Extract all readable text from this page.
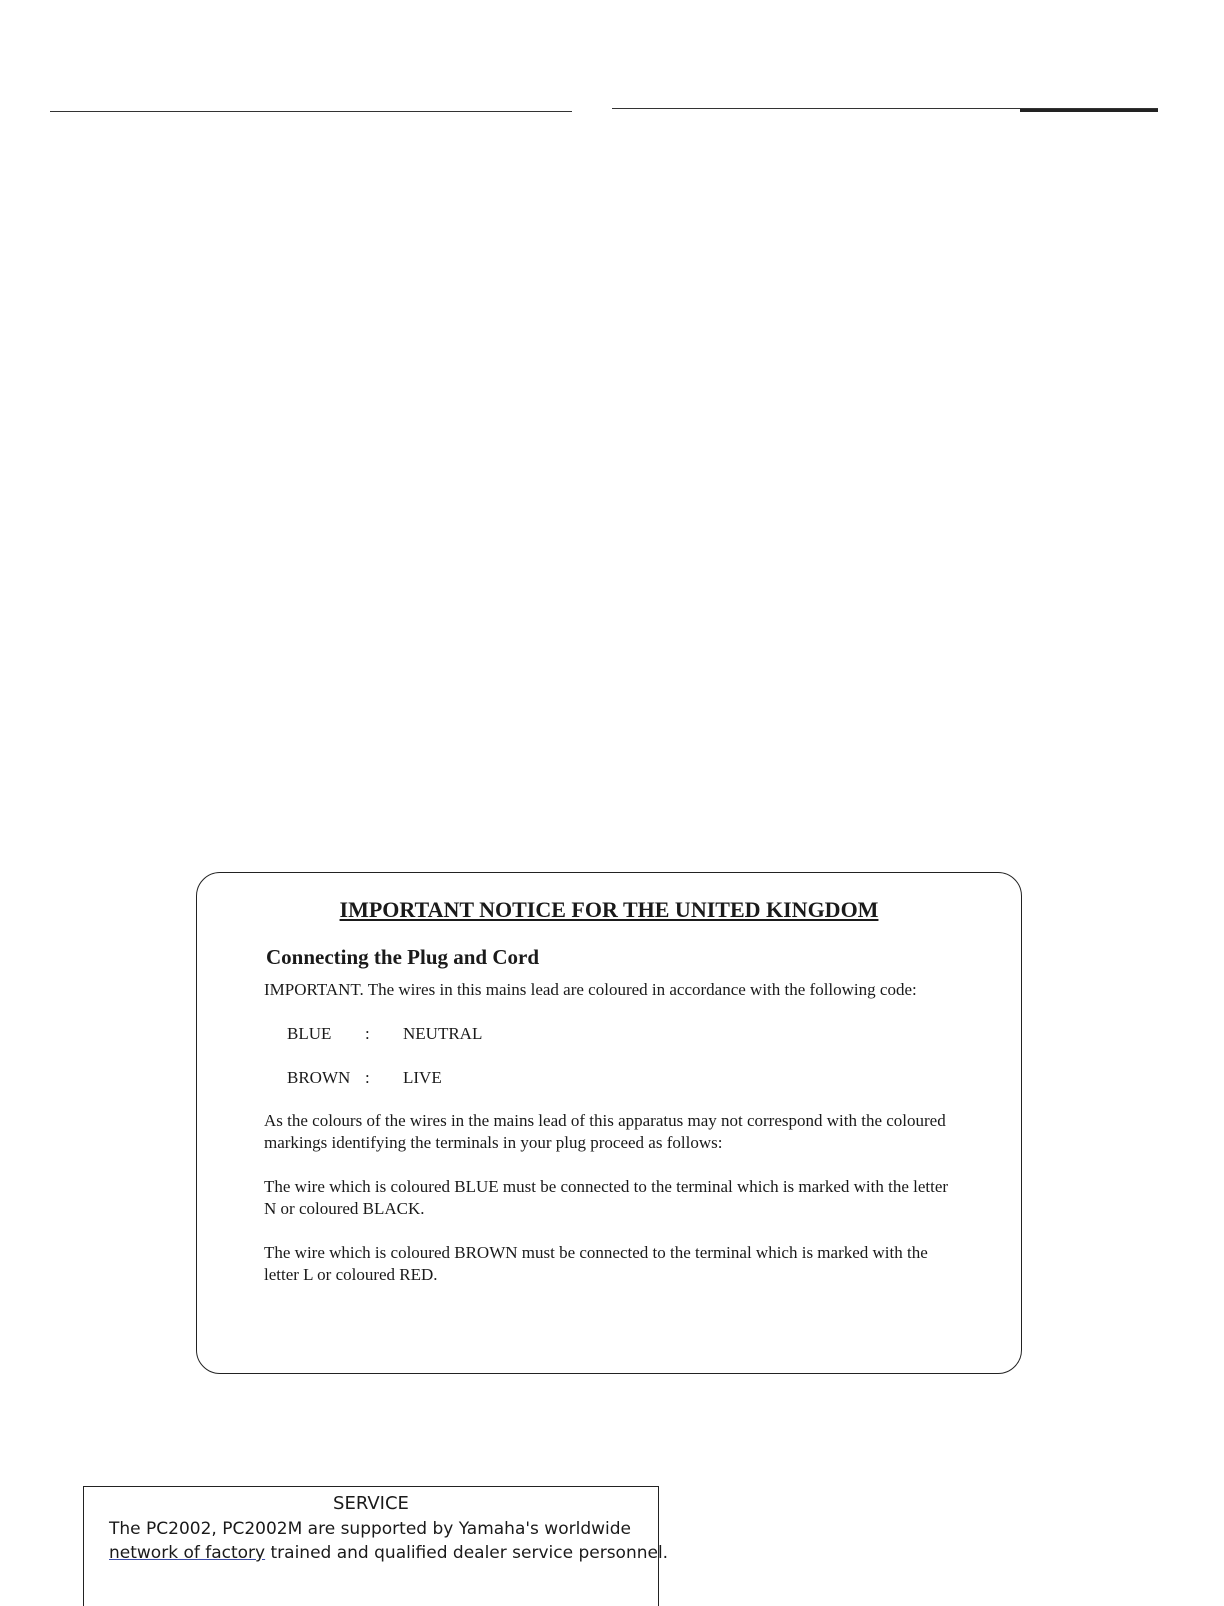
IMPORTANT NOTICE FOR THE UNITED KINGDOM
Connecting the Plug and Cord
IMPORTANT. The wires in this mains lead are coloured in accordance with the following code:
BLUE : NEUTRAL
BROWN : LIVE
As the colours of the wires in the mains lead of this apparatus may not correspond with the coloured markings identifying the terminals in your plug proceed as follows:
The wire which is coloured BLUE must be connected to the terminal which is marked with the letter N or coloured BLACK.
The wire which is coloured BROWN must be connected to the terminal which is marked with the letter L or coloured RED.
SERVICE
The PC2002, PC2002M are supported by Yamaha's worldwide
network of factory trained and qualified dealer service personnel.
